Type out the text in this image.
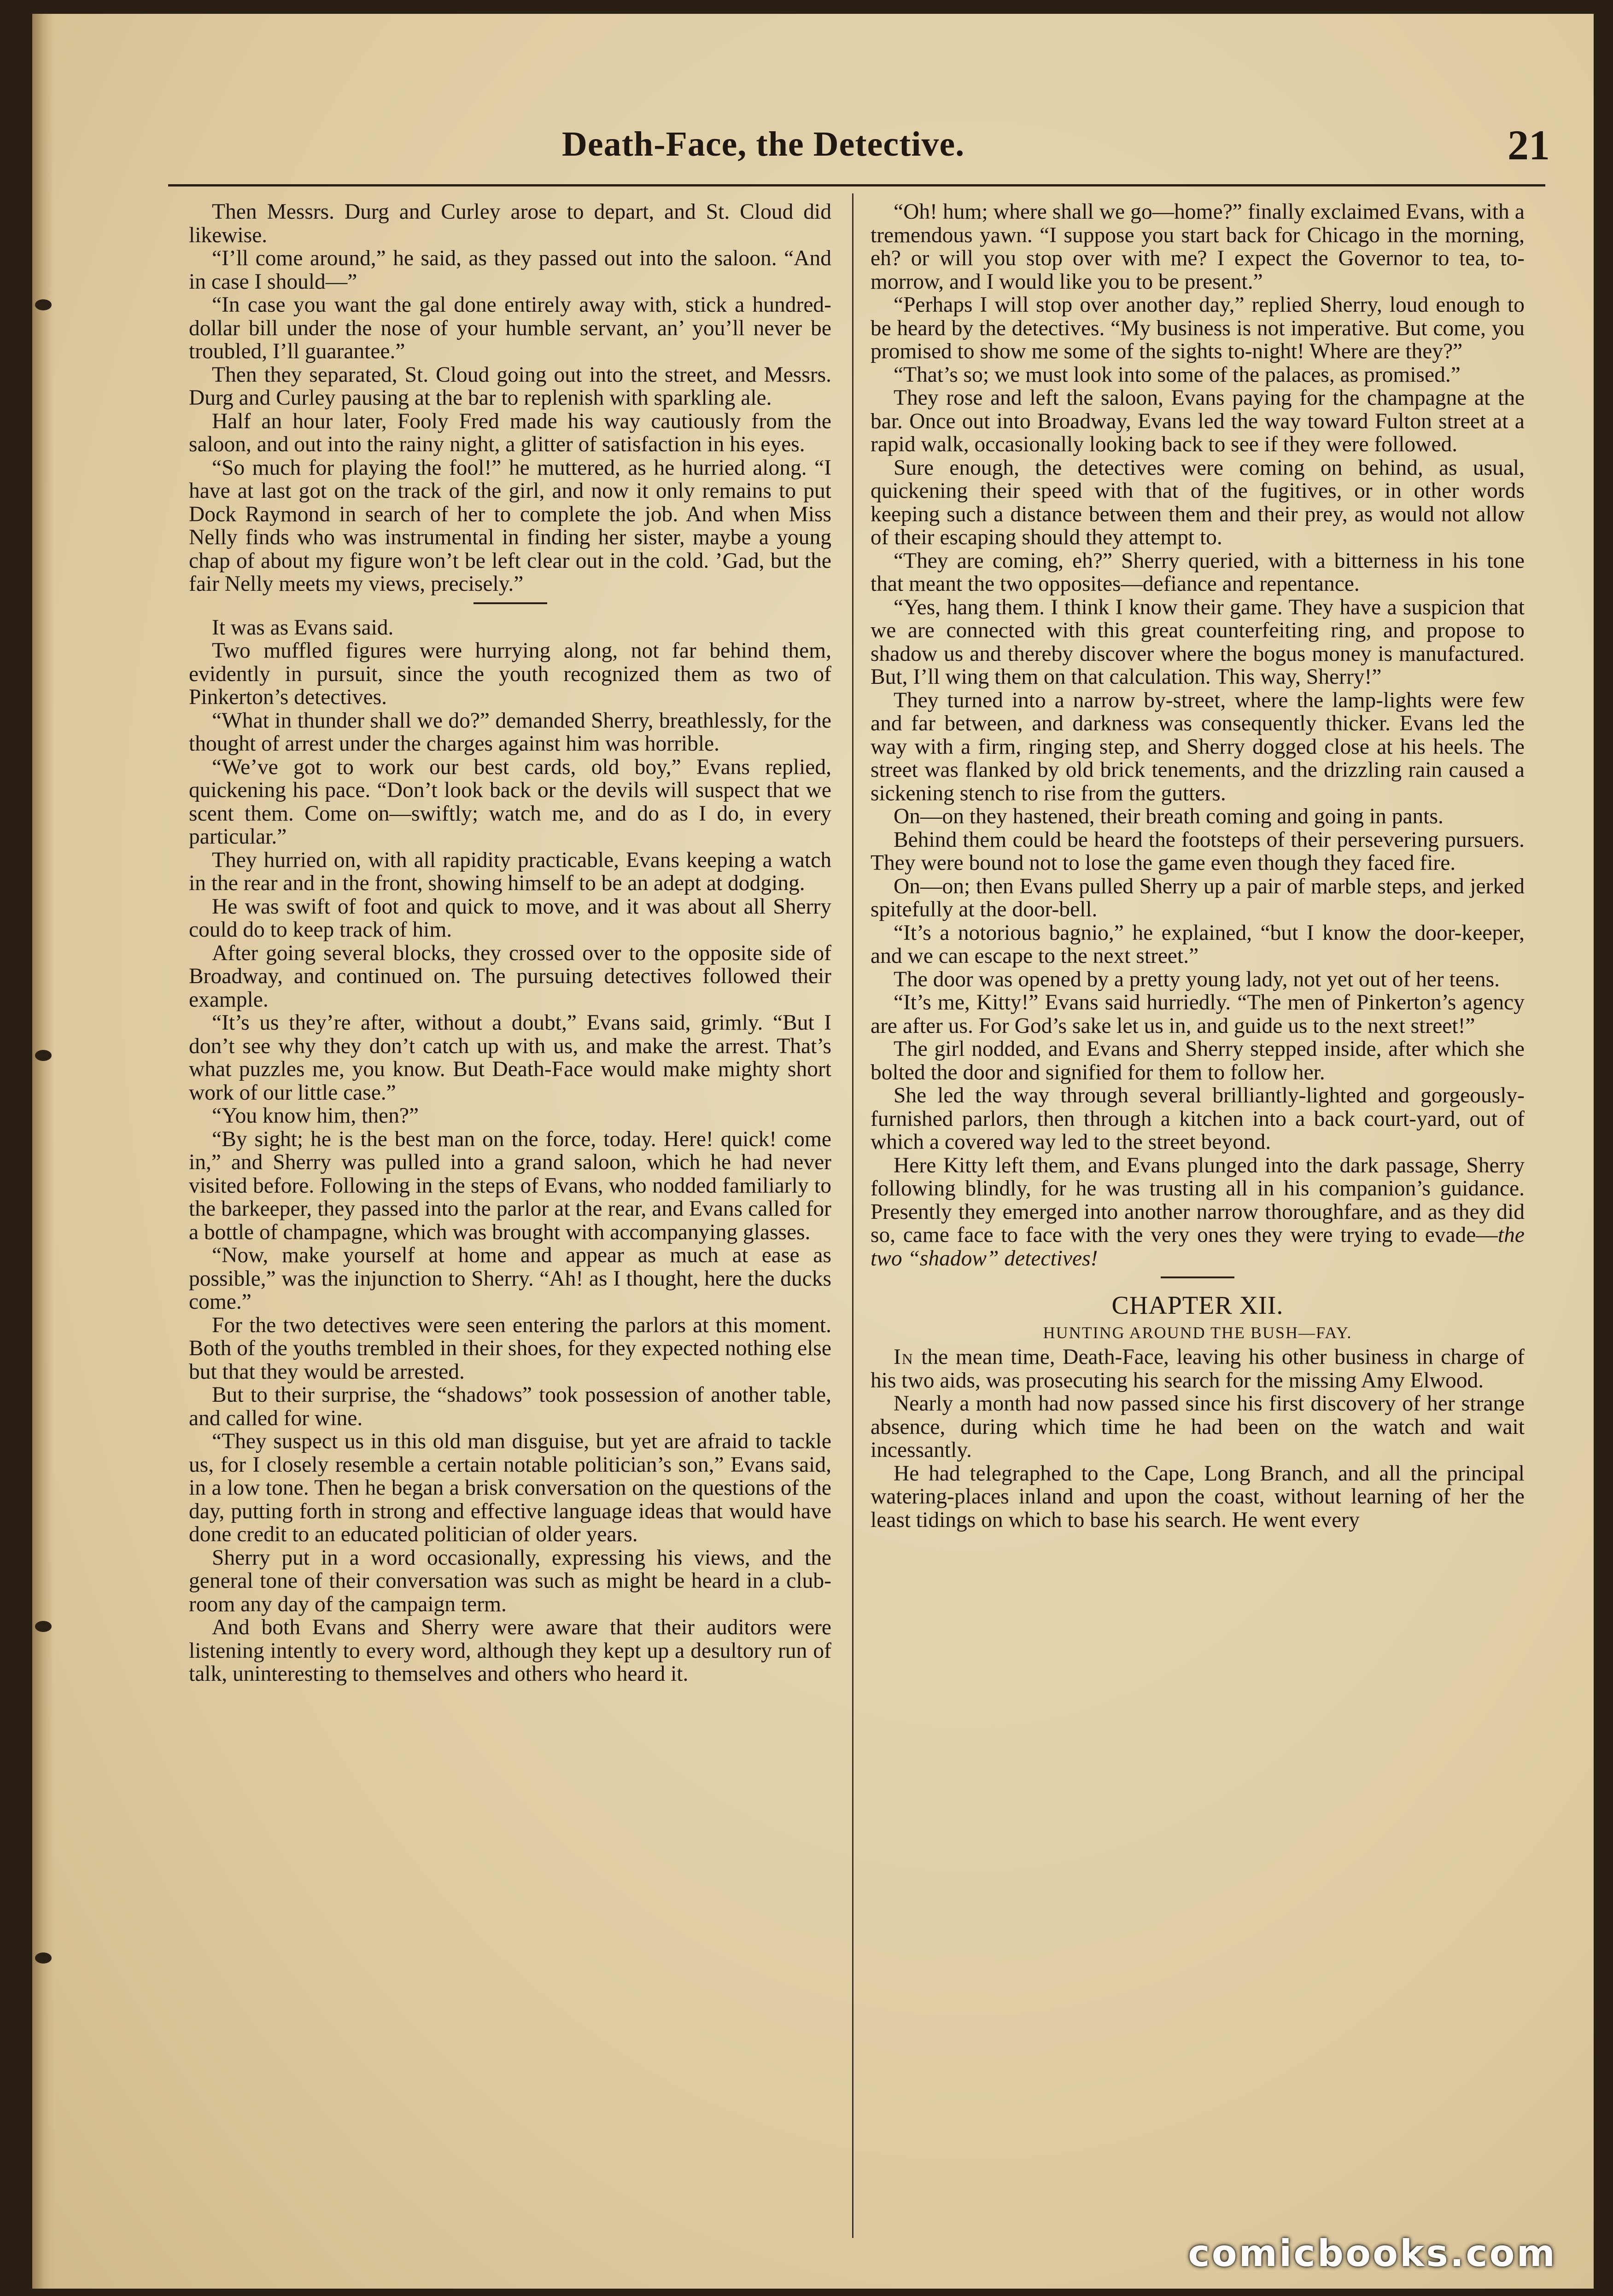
Death-Face, the Detective.	21

Then Messrs. Durg and Curley arose to depart, and St. Cloud did likewise.

“I’ll come around,” he said, as they passed out into the saloon. “And in case I should—”

“In case you want the gal done entirely away with, stick a hundred-dollar bill under the nose of your humble servant, an’ you’ll never be troubled, I’ll guarantee.”

Then they separated, St. Cloud going out into the street, and Messrs. Durg and Curley pausing at the bar to replenish with sparkling ale.

Half an hour later, Fooly Fred made his way cautiously from the saloon, and out into the rainy night, a glitter of satisfaction in his eyes.

“So much for playing the fool!” he muttered, as he hurried along. “I have at last got on the track of the girl, and now it only remains to put Dock Raymond in search of her to complete the job. And when Miss Nelly finds who was instrumental in finding her sister, maybe a young chap of about my figure won’t be left clear out in the cold. ’Gad, but the fair Nelly meets my views, precisely.”

It was as Evans said.

Two muffled figures were hurrying along, not far behind them, evidently in pursuit, since the youth recognized them as two of Pinkerton’s detectives.

“What in thunder shall we do?” demanded Sherry, breathlessly, for the thought of arrest under the charges against him was horrible.

“We’ve got to work our best cards, old boy,” Evans replied, quickening his pace. “Don’t look back or the devils will suspect that we scent them. Come on—swiftly; watch me, and do as I do, in every particular.”

They hurried on, with all rapidity practicable, Evans keeping a watch in the rear and in the front, showing himself to be an adept at dodging.

He was swift of foot and quick to move, and it was about all Sherry could do to keep track of him.

After going several blocks, they crossed over to the opposite side of Broadway, and continued on. The pursuing detectives followed their example.

“It’s us they’re after, without a doubt,” Evans said, grimly. “But I don’t see why they don’t catch up with us, and make the arrest. That’s what puzzles me, you know. But Death-Face would make mighty short work of our little case.”

“You know him, then?”

“By sight; he is the best man on the force, today. Here! quick! come in,” and Sherry was pulled into a grand saloon, which he had never visited before. Following in the steps of Evans, who nodded familiarly to the barkeeper, they passed into the parlor at the rear, and Evans called for a bottle of champagne, which was brought with accompanying glasses.

“Now, make yourself at home and appear as much at ease as possible,” was the injunction to Sherry. “Ah! as I thought, here the ducks come.”

For the two detectives were seen entering the parlors at this moment. Both of the youths trembled in their shoes, for they expected nothing else but that they would be arrested.

But to their surprise, the “shadows” took possession of another table, and called for wine.

“They suspect us in this old man disguise, but yet are afraid to tackle us, for I closely resemble a certain notable politician’s son,” Evans said, in a low tone. Then he began a brisk conversation on the questions of the day, putting forth in strong and effective language ideas that would have done credit to an educated politician of older years.

Sherry put in a word occasionally, expressing his views, and the general tone of their conversation was such as might be heard in a club-room any day of the campaign term.

And both Evans and Sherry were aware that their auditors were listening intently to every word, although they kept up a desultory run of talk, uninteresting to themselves and others who heard it.

“Oh! hum; where shall we go—home?” finally exclaimed Evans, with a tremendous yawn. “I suppose you start back for Chicago in the morning, eh? or will you stop over with me? I expect the Governor to tea, to-morrow, and I would like you to be present.”

“Perhaps I will stop over another day,” replied Sherry, loud enough to be heard by the detectives. “My business is not imperative. But come, you promised to show me some of the sights to-night! Where are they?”

“That’s so; we must look into some of the palaces, as promised.”

They rose and left the saloon, Evans paying for the champagne at the bar. Once out into Broadway, Evans led the way toward Fulton street at a rapid walk, occasionally looking back to see if they were followed.

Sure enough, the detectives were coming on behind, as usual, quickening their speed with that of the fugitives, or in other words keeping such a distance between them and their prey, as would not allow of their escaping should they attempt to.

“They are coming, eh?” Sherry queried, with a bitterness in his tone that meant the two opposites—defiance and repentance.

“Yes, hang them. I think I know their game. They have a suspicion that we are connected with this great counterfeiting ring, and propose to shadow us and thereby discover where the bogus money is manufactured. But, I’ll wing them on that calculation. This way, Sherry!”

They turned into a narrow by-street, where the lamp-lights were few and far between, and darkness was consequently thicker. Evans led the way with a firm, ringing step, and Sherry dogged close at his heels. The street was flanked by old brick tenements, and the drizzling rain caused a sickening stench to rise from the gutters.

On—on they hastened, their breath coming and going in pants.

Behind them could be heard the footsteps of their persevering pursuers. They were bound not to lose the game even though they faced fire.

On—on; then Evans pulled Sherry up a pair of marble steps, and jerked spitefully at the door-bell.

“It’s a notorious bagnio,” he explained, “but I know the door-keeper, and we can escape to the next street.”

The door was opened by a pretty young lady, not yet out of her teens.

“It’s me, Kitty!” Evans said hurriedly. “The men of Pinkerton’s agency are after us. For God’s sake let us in, and guide us to the next street!”

The girl nodded, and Evans and Sherry stepped inside, after which she bolted the door and signified for them to follow her.

She led the way through several brilliantly-lighted and gorgeously-furnished parlors, then through a kitchen into a back court-yard, out of which a covered way led to the street beyond.

Here Kitty left them, and Evans plunged into the dark passage, Sherry following blindly, for he was trusting all in his companion’s guidance. Presently they emerged into another narrow thoroughfare, and as they did so, came face to face with the very ones they were trying to evade—the two “shadow” detectives!

CHAPTER XII.
HUNTING AROUND THE BUSH—FAY.

In the mean time, Death-Face, leaving his other business in charge of his two aids, was prosecuting his search for the missing Amy Elwood.

Nearly a month had now passed since his first discovery of her strange absence, during which time he had been on the watch and wait incessantly.

He had telegraphed to the Cape, Long Branch, and all the principal watering-places inland and upon the coast, without learning of her the least tidings on which to base his search. He went every

comicbooks.com
